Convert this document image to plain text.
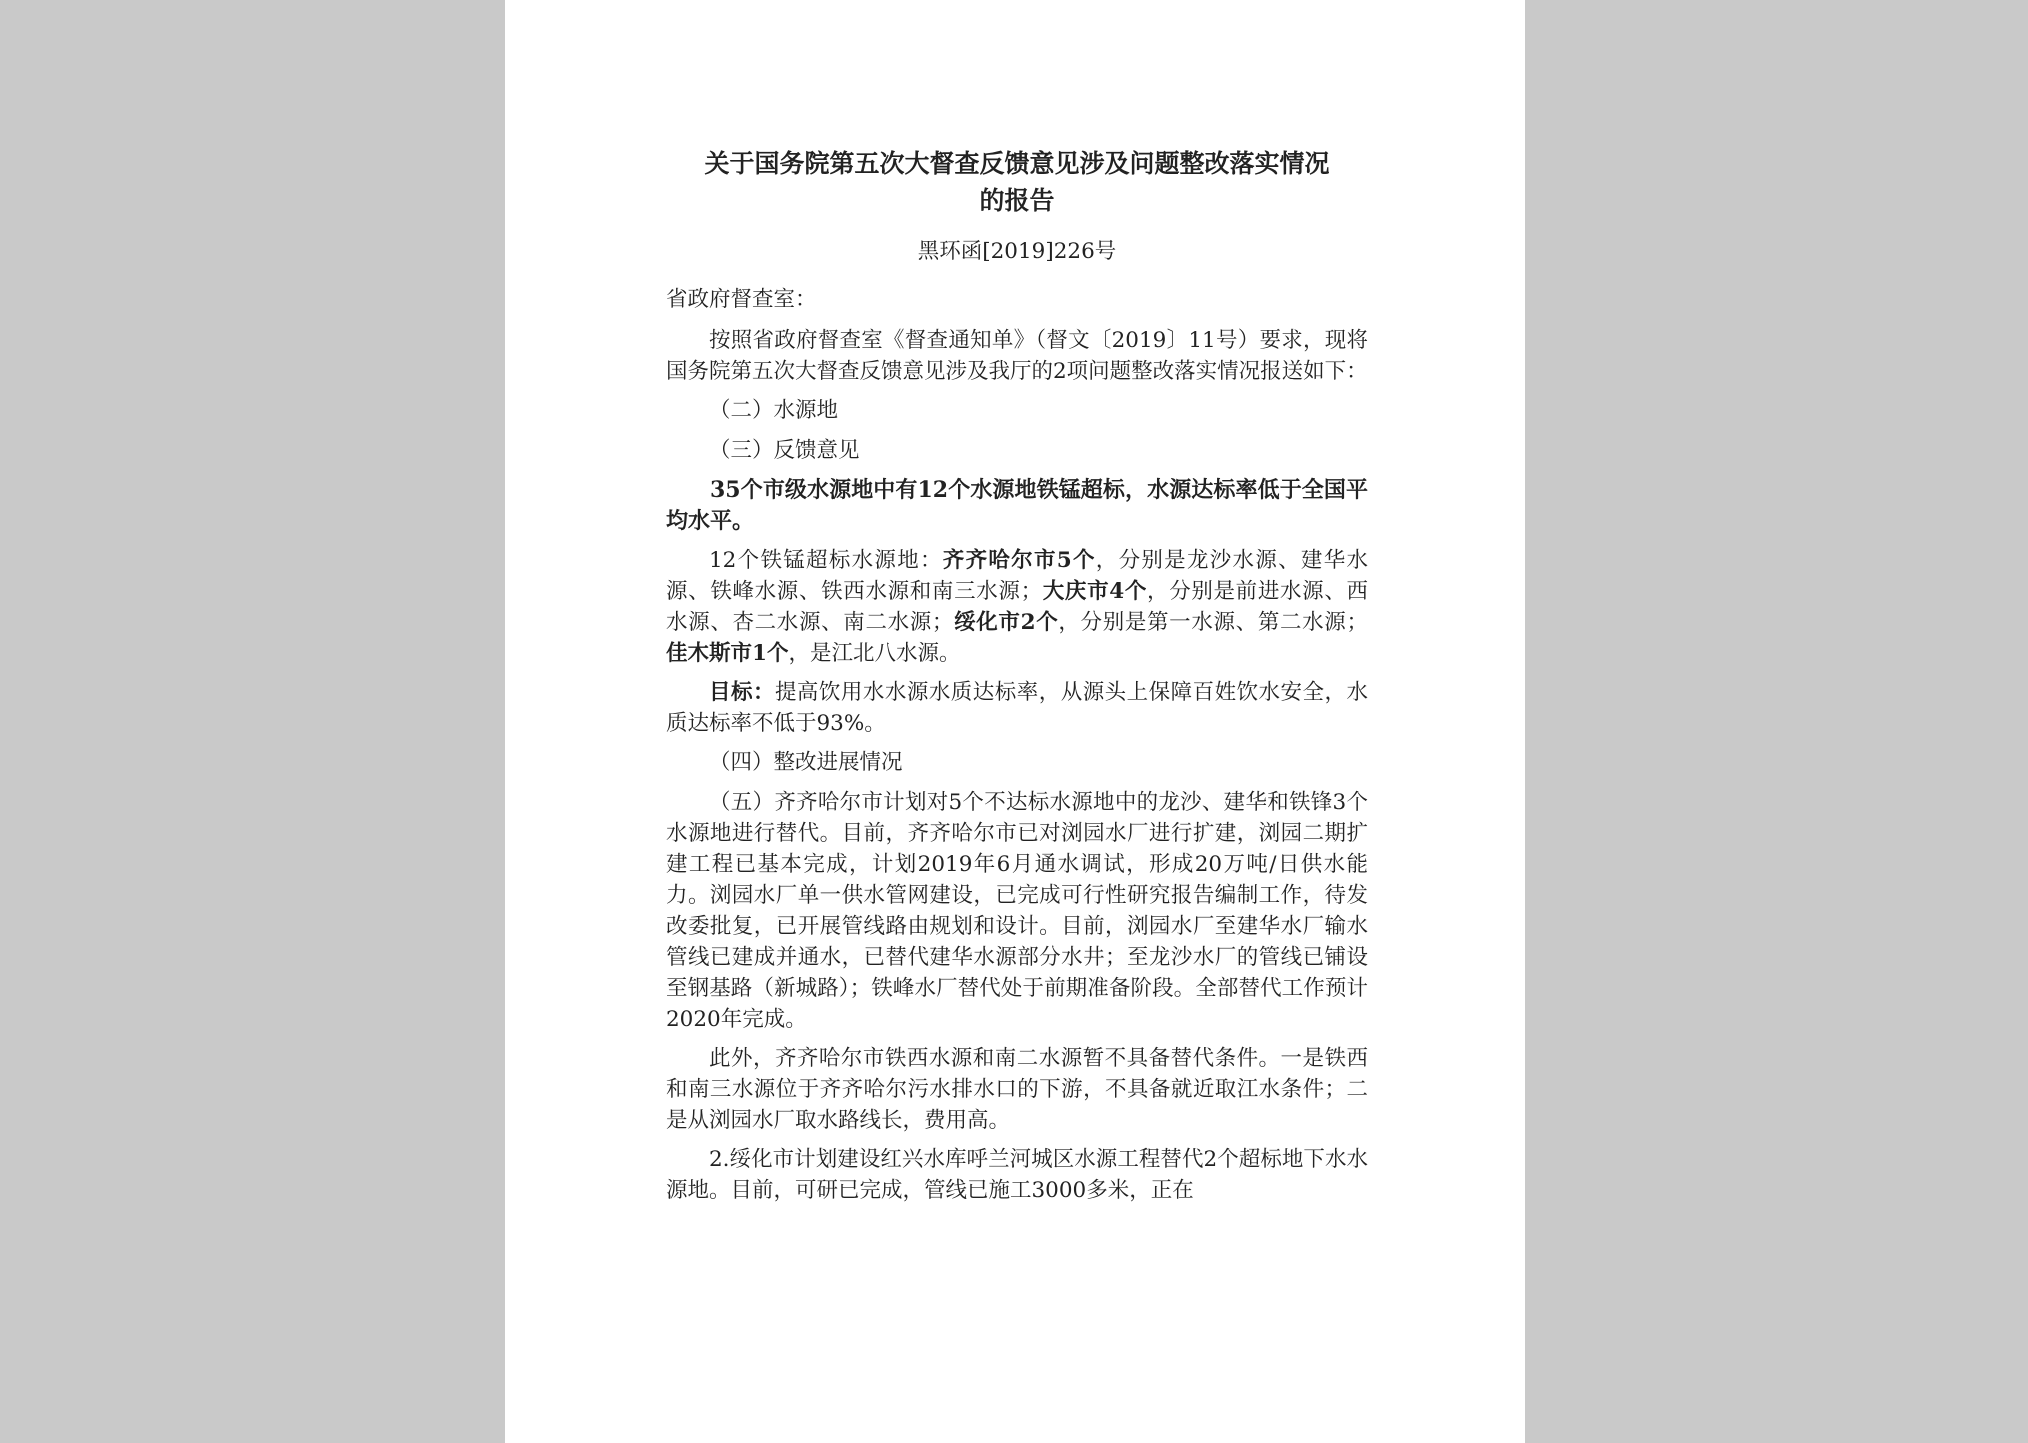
关于国务院第五次大督查反馈意见涉及问题整改落实情况
的报告
黑环函[2019]226号
省政府督查室：

按照省政府督查室《督查通知单》（督文〔2019〕11号）要求，现将国务院第五次大督查反馈意见涉及我厅的2项问题整改落实情况报送如下：

（二）水源地

（三）反馈意见

35个市级水源地中有12个水源地铁锰超标，水源达标率低于全国平均水平。

12个铁锰超标水源地：齐齐哈尔市5个，分别是龙沙水源、建华水源、铁峰水源、铁西水源和南三水源；大庆市4个，分别是前进水源、西水源、杏二水源、南二水源；绥化市2个，分别是第一水源、第二水源；佳木斯市1个，是江北八水源。

目标：提高饮用水水源水质达标率，从源头上保障百姓饮水安全，水质达标率不低于93%。

（四）整改进展情况

（五）齐齐哈尔市计划对5个不达标水源地中的龙沙、建华和铁锋3个水源地进行替代。目前，齐齐哈尔市已对浏园水厂进行扩建，浏园二期扩建工程已基本完成，计划2019年6月通水调试，形成20万吨/日供水能力。浏园水厂单一供水管网建设，已完成可行性研究报告编制工作，待发改委批复，已开展管线路由规划和设计。目前，浏园水厂至建华水厂输水管线已建成并通水，已替代建华水源部分水井；至龙沙水厂的管线已铺设至钢基路（新城路）；铁峰水厂替代处于前期准备阶段。全部替代工作预计2020年完成。

此外，齐齐哈尔市铁西水源和南二水源暂不具备替代条件。一是铁西和南三水源位于齐齐哈尔污水排水口的下游，不具备就近取江水条件；二是从浏园水厂取水路线长，费用高。

2.绥化市计划建设红兴水库呼兰河城区水源工程替代2个超标地下水水源地。目前，可研已完成，管线已施工3000多米，正在
